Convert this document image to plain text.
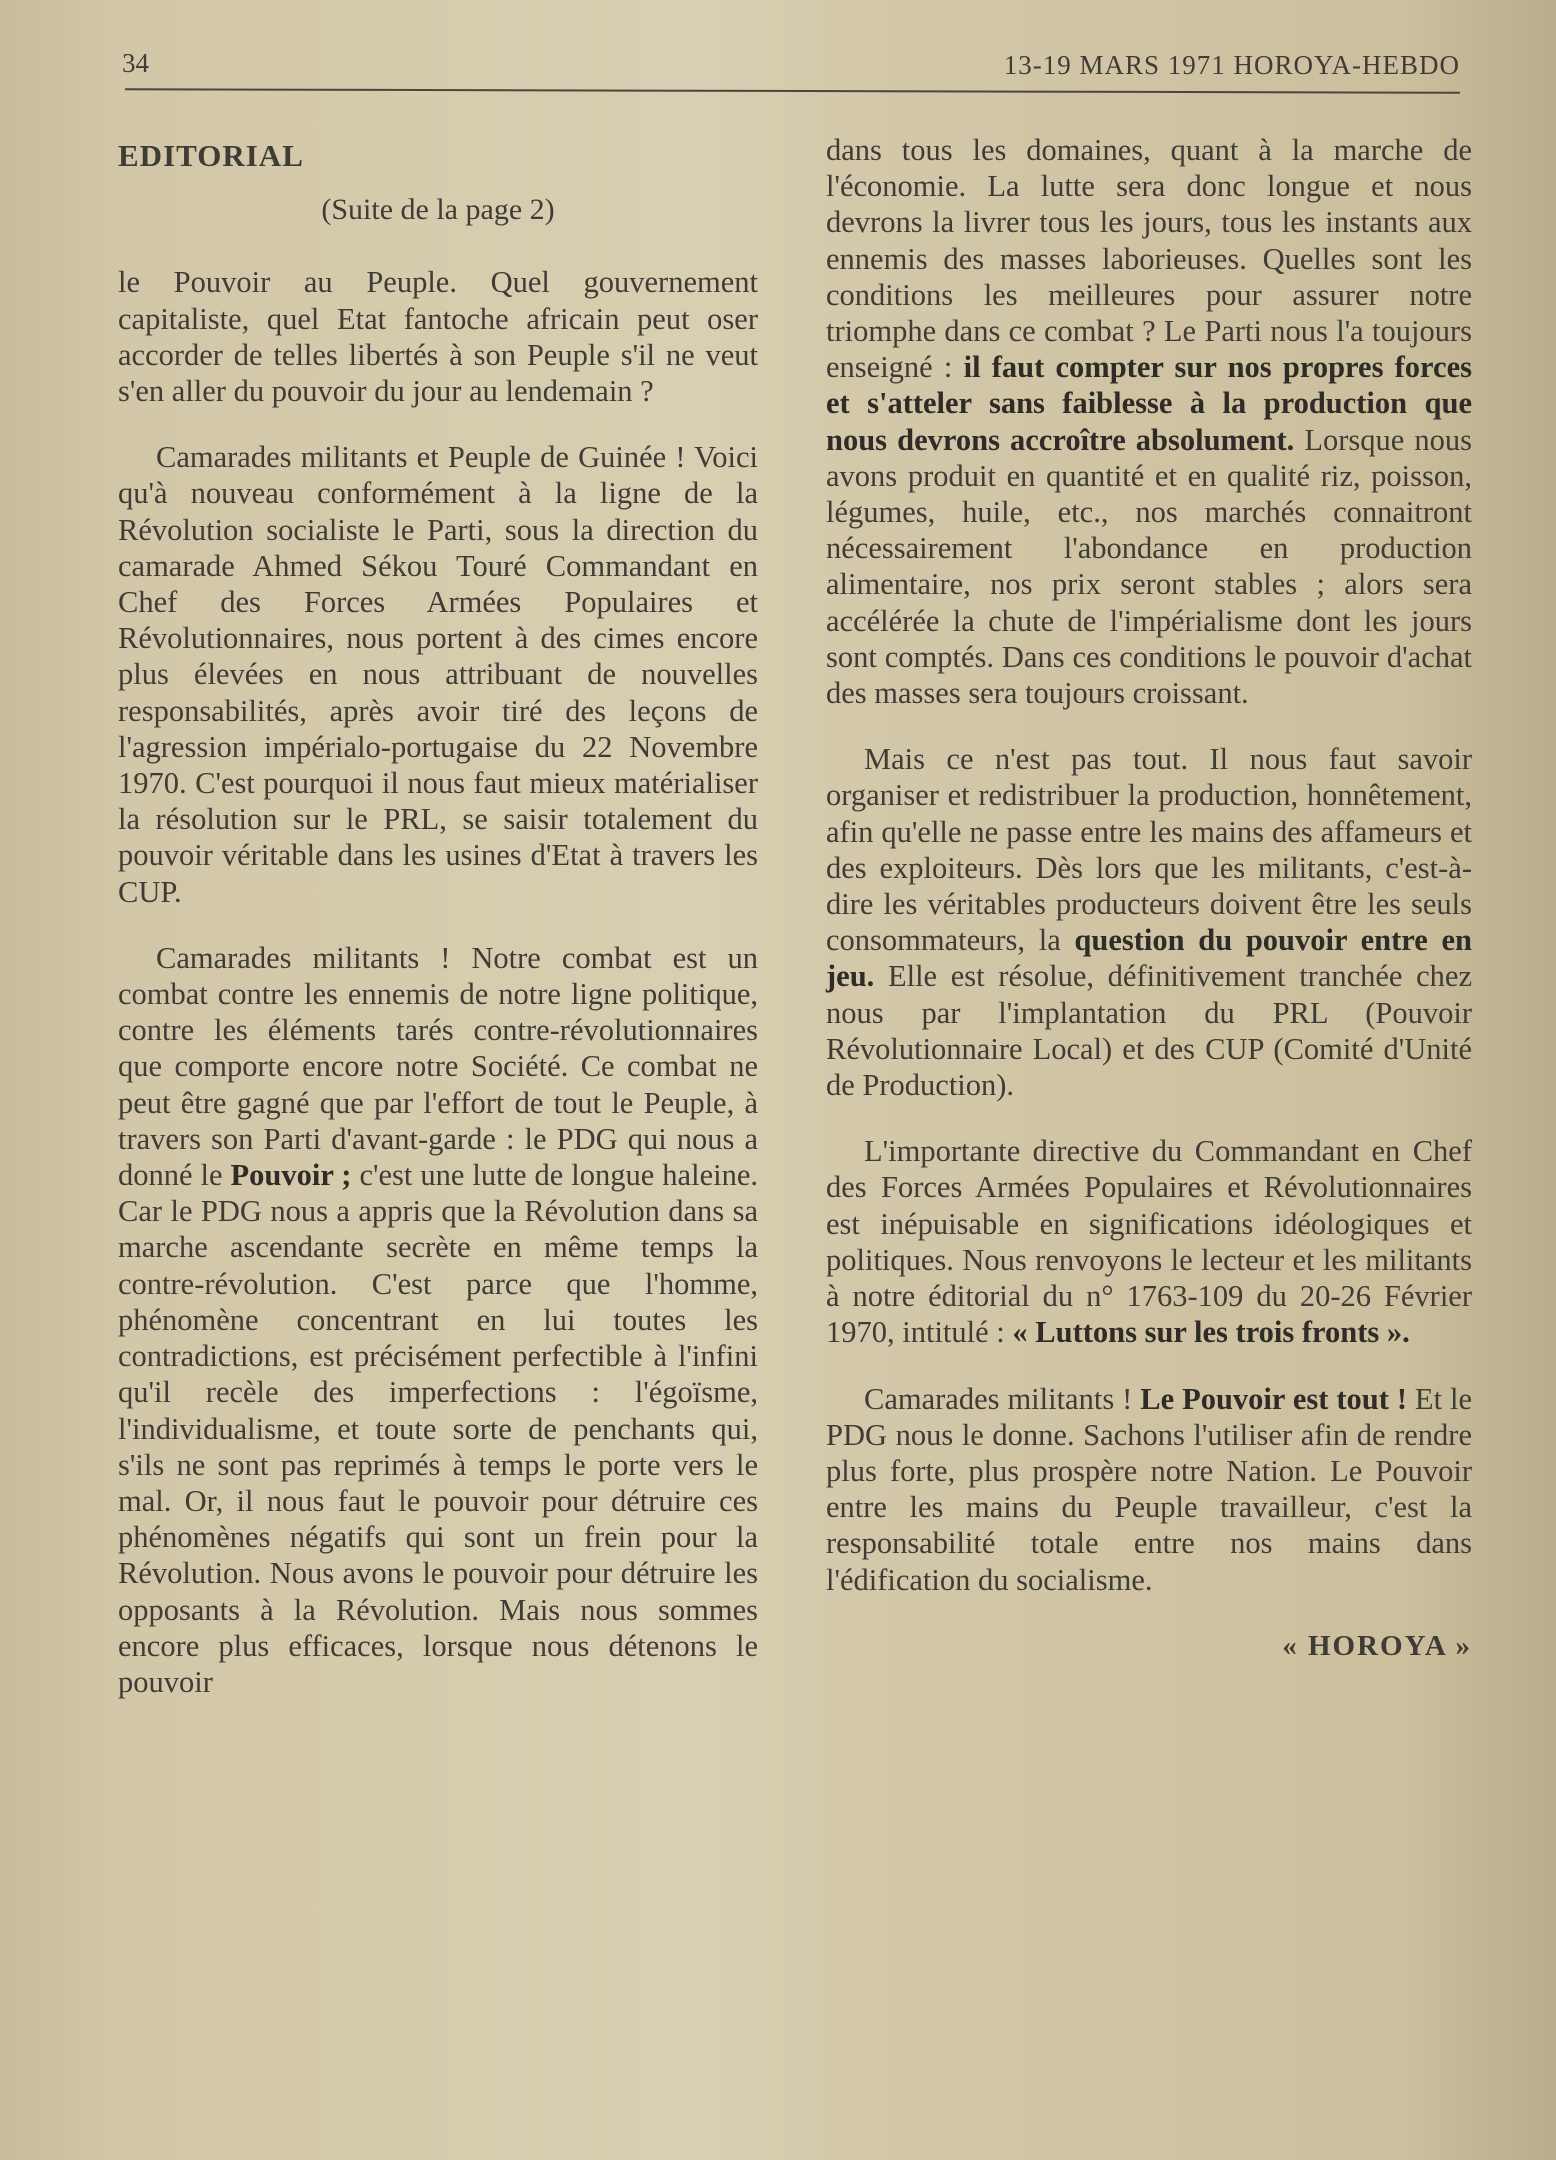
34	13-19 MARS 1971 HOROYA-HEBDO
EDITORIAL
(Suite de la page 2)

le Pouvoir au Peuple. Quel gouvernement capitaliste, quel Etat fantoche africain peut oser accorder de telles libertés à son Peuple s'il ne veut s'en aller du pouvoir du jour au lendemain ?

Camarades militants et Peuple de Guinée ! Voici qu'à nouveau conformément à la ligne de la Révolution socialiste le Parti, sous la direction du camarade Ahmed Sékou Touré Commandant en Chef des Forces Armées Populaires et Révolutionnaires, nous portent à des cimes encore plus élevées en nous attribuant de nouvelles responsabilités, après avoir tiré des leçons de l'agression impérialo-portugaise du 22 Novembre 1970. C'est pourquoi il nous faut mieux matérialiser la résolution sur le PRL, se saisir totalement du pouvoir véritable dans les usines d'Etat à travers les CUP.

Camarades militants ! Notre combat est un combat contre les ennemis de notre ligne politique, contre les éléments tarés contre-révolutionnaires que comporte encore notre Société. Ce combat ne peut être gagné que par l'effort de tout le Peuple, à travers son Parti d'avant-garde : le PDG qui nous a donné le Pouvoir ; c'est une lutte de longue haleine. Car le PDG nous a appris que la Révolution dans sa marche ascendante secrète en même temps la contre-révolution. C'est parce que l'homme, phénomène concentrant en lui toutes les contradictions, est précisément perfectible à l'infini qu'il recèle des imperfections : l'égoïsme, l'individualisme, et toute sorte de penchants qui, s'ils ne sont pas reprimés à temps le porte vers le mal. Or, il nous faut le pouvoir pour détruire ces phénomènes négatifs qui sont un frein pour la Révolution. Nous avons le pouvoir pour détruire les opposants à la Révolution. Mais nous sommes encore plus efficaces, lorsque nous détenons le pouvoir

dans tous les domaines, quant à la marche de l'économie. La lutte sera donc longue et nous devrons la livrer tous les jours, tous les instants aux ennemis des masses laborieuses. Quelles sont les conditions les meilleures pour assurer notre triomphe dans ce combat ? Le Parti nous l'a toujours enseigné : il faut compter sur nos propres forces et s'atteler sans faiblesse à la production que nous devrons accroître absolument. Lorsque nous avons produit en quantité et en qualité riz, poisson, légumes, huile, etc., nos marchés connaitront nécessairement l'abondance en production alimentaire, nos prix seront stables ; alors sera accélérée la chute de l'impérialisme dont les jours sont comptés. Dans ces conditions le pouvoir d'achat des masses sera toujours croissant.

Mais ce n'est pas tout. Il nous faut savoir organiser et redistribuer la production, honnêtement, afin qu'elle ne passe entre les mains des affameurs et des exploiteurs. Dès lors que les militants, c'est-à-dire les véritables producteurs doivent être les seuls consommateurs, la question du pouvoir entre en jeu. Elle est résolue, définitivement tranchée chez nous par l'implantation du PRL (Pouvoir Révolutionnaire Local) et des CUP (Comité d'Unité de Production).

L'importante directive du Commandant en Chef des Forces Armées Populaires et Révolutionnaires est inépuisable en significations idéologiques et politiques. Nous renvoyons le lecteur et les militants à notre éditorial du n° 1763-109 du 20-26 Février 1970, intitulé : « Luttons sur les trois fronts ».

Camarades militants ! Le Pouvoir est tout ! Et le PDG nous le donne. Sachons l'utiliser afin de rendre plus forte, plus prospère notre Nation. Le Pouvoir entre les mains du Peuple travailleur, c'est la responsabilité totale entre nos mains dans l'édification du socialisme.

« HOROYA »
